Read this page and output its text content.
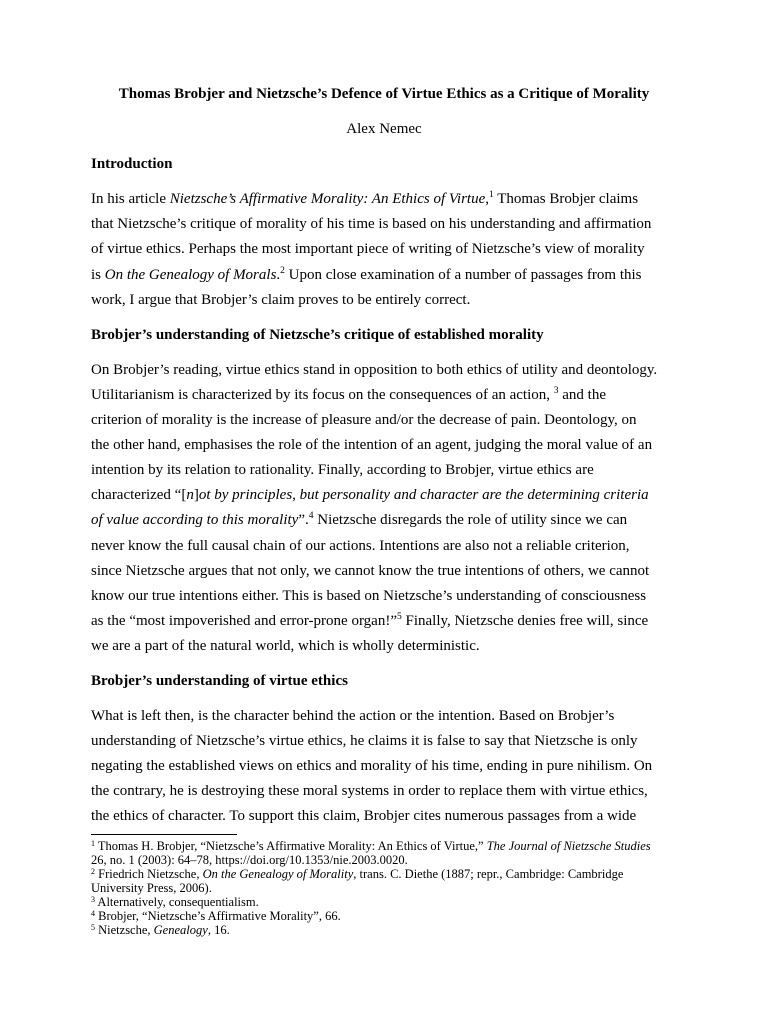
Thomas Brobjer and Nietzsche’s Defence of Virtue Ethics as a Critique of Morality
Alex Nemec
Introduction
In his article Nietzsche’s Affirmative Morality: An Ethics of Virtue,$^1$ Thomas Brobjer claims
that Nietzsche’s critique of morality of his time is based on his understanding and affirmation
of virtue ethics. Perhaps the most important piece of writing of Nietzsche’s view of morality
is On the Genealogy of Morals.$^2$ Upon close examination of a number of passages from this
work, I argue that Brobjer’s claim proves to be entirely correct.
Brobjer’s understanding of Nietzsche’s critique of established morality
On Brobjer’s reading, virtue ethics stand in opposition to both ethics of utility and deontology.
Utilitarianism is characterized by its focus on the consequences of an action, $^3$ and the
criterion of morality is the increase of pleasure and/or the decrease of pain. Deontology, on
the other hand, emphasises the role of the intention of an agent, judging the moral value of an
intention by its relation to rationality. Finally, according to Brobjer, virtue ethics are
characterized “[n]ot by principles, but personality and character are the determining criteria
of value according to this morality”.$^4$ Nietzsche disregards the role of utility since we can
never know the full causal chain of our actions. Intentions are also not a reliable criterion,
since Nietzsche argues that not only, we cannot know the true intentions of others, we cannot
know our true intentions either. This is based on Nietzsche’s understanding of consciousness
as the “most impoverished and error-prone organ!”$^5$ Finally, Nietzsche denies free will, since
we are a part of the natural world, which is wholly deterministic.
Brobjer’s understanding of virtue ethics
What is left then, is the character behind the action or the intention. Based on Brobjer’s
understanding of Nietzsche’s virtue ethics, he claims it is false to say that Nietzsche is only
negating the established views on ethics and morality of his time, ending in pure nihilism. On
the contrary, he is destroying these moral systems in order to replace them with virtue ethics,
the ethics of character. To support this claim, Brobjer cites numerous passages from a wide
$^1$ Thomas H. Brobjer, “Nietzsche’s Affirmative Morality: An Ethics of Virtue,” The Journal of Nietzsche Studies
26, no. 1 (2003): 64–78, https://doi.org/10.1353/nie.2003.0020.
$^2$ Friedrich Nietzsche, On the Genealogy of Morality, trans. C. Diethe (1887; repr., Cambridge: Cambridge
University Press, 2006).
$^3$ Alternatively, consequentialism.
$^4$ Brobjer, “Nietzsche’s Affirmative Morality”, 66.
$^5$ Nietzsche, Genealogy, 16.
